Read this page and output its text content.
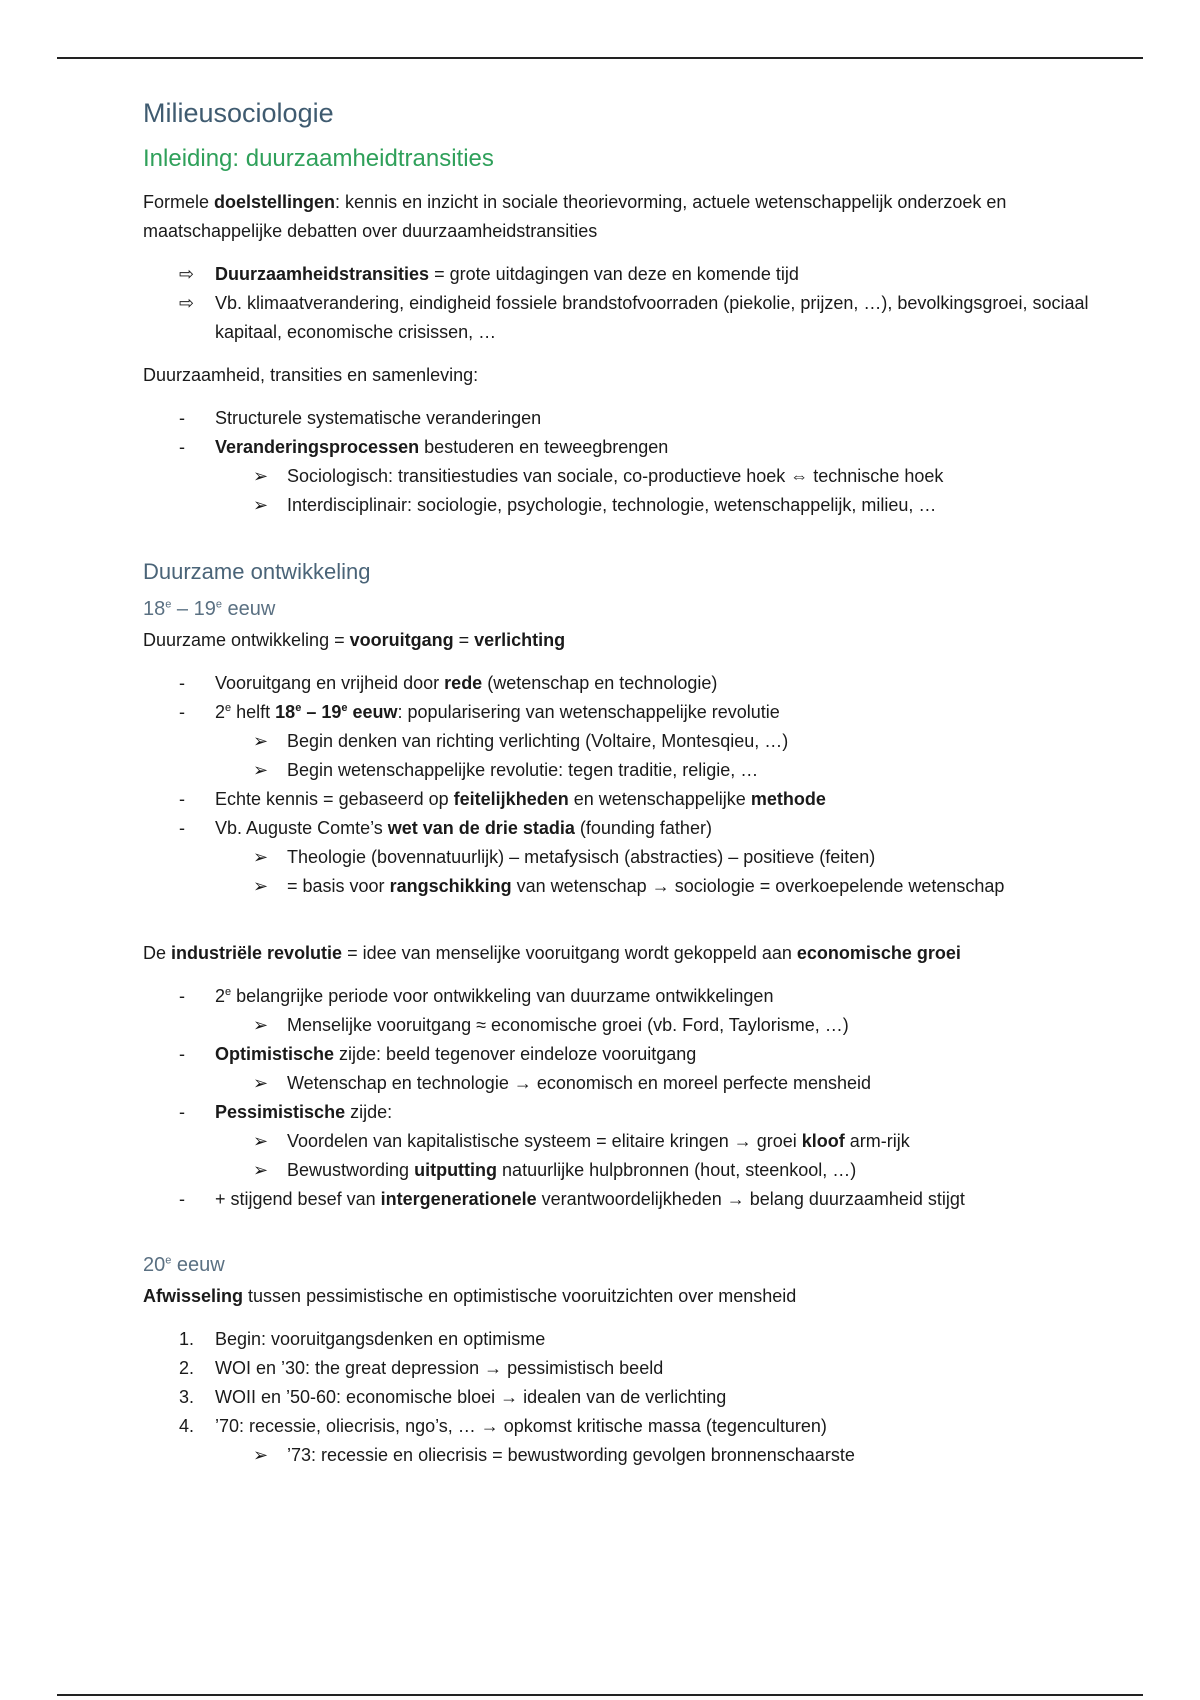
Milieusociologie
Inleiding: duurzaamheidtransities

Formele doelstellingen: kennis en inzicht in sociale theorievorming, actuele wetenschappelijk onderzoek en maatschappelijke debatten over duurzaamheidstransities

⇨	Duurzaamheidstransities = grote uitdagingen van deze en komende tijd
⇨	Vb. klimaatverandering, eindigheid fossiele brandstofvoorraden (piekolie, prijzen, …), bevolkingsgroei, sociaal kapitaal, economische crisissen, …

Duurzaamheid, transities en samenleving:

-	Structurele systematische veranderingen
-	Veranderingsprocessen bestuderen en teweegbrengen
➢	Sociologisch: transitiestudies van sociale, co-productieve hoek ⇔ technische hoek
➢	Interdisciplinair: sociologie, psychologie, technologie, wetenschappelijk, milieu, …
Duurzame ontwikkeling
18e – 19e eeuw

Duurzame ontwikkeling = vooruitgang = verlichting

-	Vooruitgang en vrijheid door rede (wetenschap en technologie)
-	2e helft 18e – 19e eeuw: popularisering van wetenschappelijke revolutie
➢	Begin denken van richting verlichting (Voltaire, Montesqieu, …)
➢	Begin wetenschappelijke revolutie: tegen traditie, religie, …
-	Echte kennis = gebaseerd op feitelijkheden en wetenschappelijke methode
-	Vb. Auguste Comte’s wet van de drie stadia (founding father)
➢	Theologie (bovennatuurlijk) – metafysisch (abstracties) – positieve (feiten)
➢	= basis voor rangschikking van wetenschap → sociologie = overkoepelende wetenschap

De industriële revolutie = idee van menselijke vooruitgang wordt gekoppeld aan economische groei

-	2e belangrijke periode voor ontwikkeling van duurzame ontwikkelingen
➢	Menselijke vooruitgang ≈ economische groei (vb. Ford, Taylorisme, …)
-	Optimistische zijde: beeld tegenover eindeloze vooruitgang
➢	Wetenschap en technologie → economisch en moreel perfecte mensheid
-	Pessimistische zijde:
➢	Voordelen van kapitalistische systeem = elitaire kringen → groei kloof arm-rijk
➢	Bewustwording uitputting natuurlijke hulpbronnen (hout, steenkool, …)
-	+ stijgend besef van intergenerationele verantwoordelijkheden → belang duurzaamheid stijgt
20e eeuw

Afwisseling tussen pessimistische en optimistische vooruitzichten over mensheid

1.	Begin: vooruitgangsdenken en optimisme
2.	WOI en ’30: the great depression → pessimistisch beeld
3.	WOII en ’50-60: economische bloei → idealen van de verlichting
4.	’70: recessie, oliecrisis, ngo’s, … → opkomst kritische massa (tegenculturen)
➢	’73: recessie en oliecrisis = bewustwording gevolgen bronnenschaarste
